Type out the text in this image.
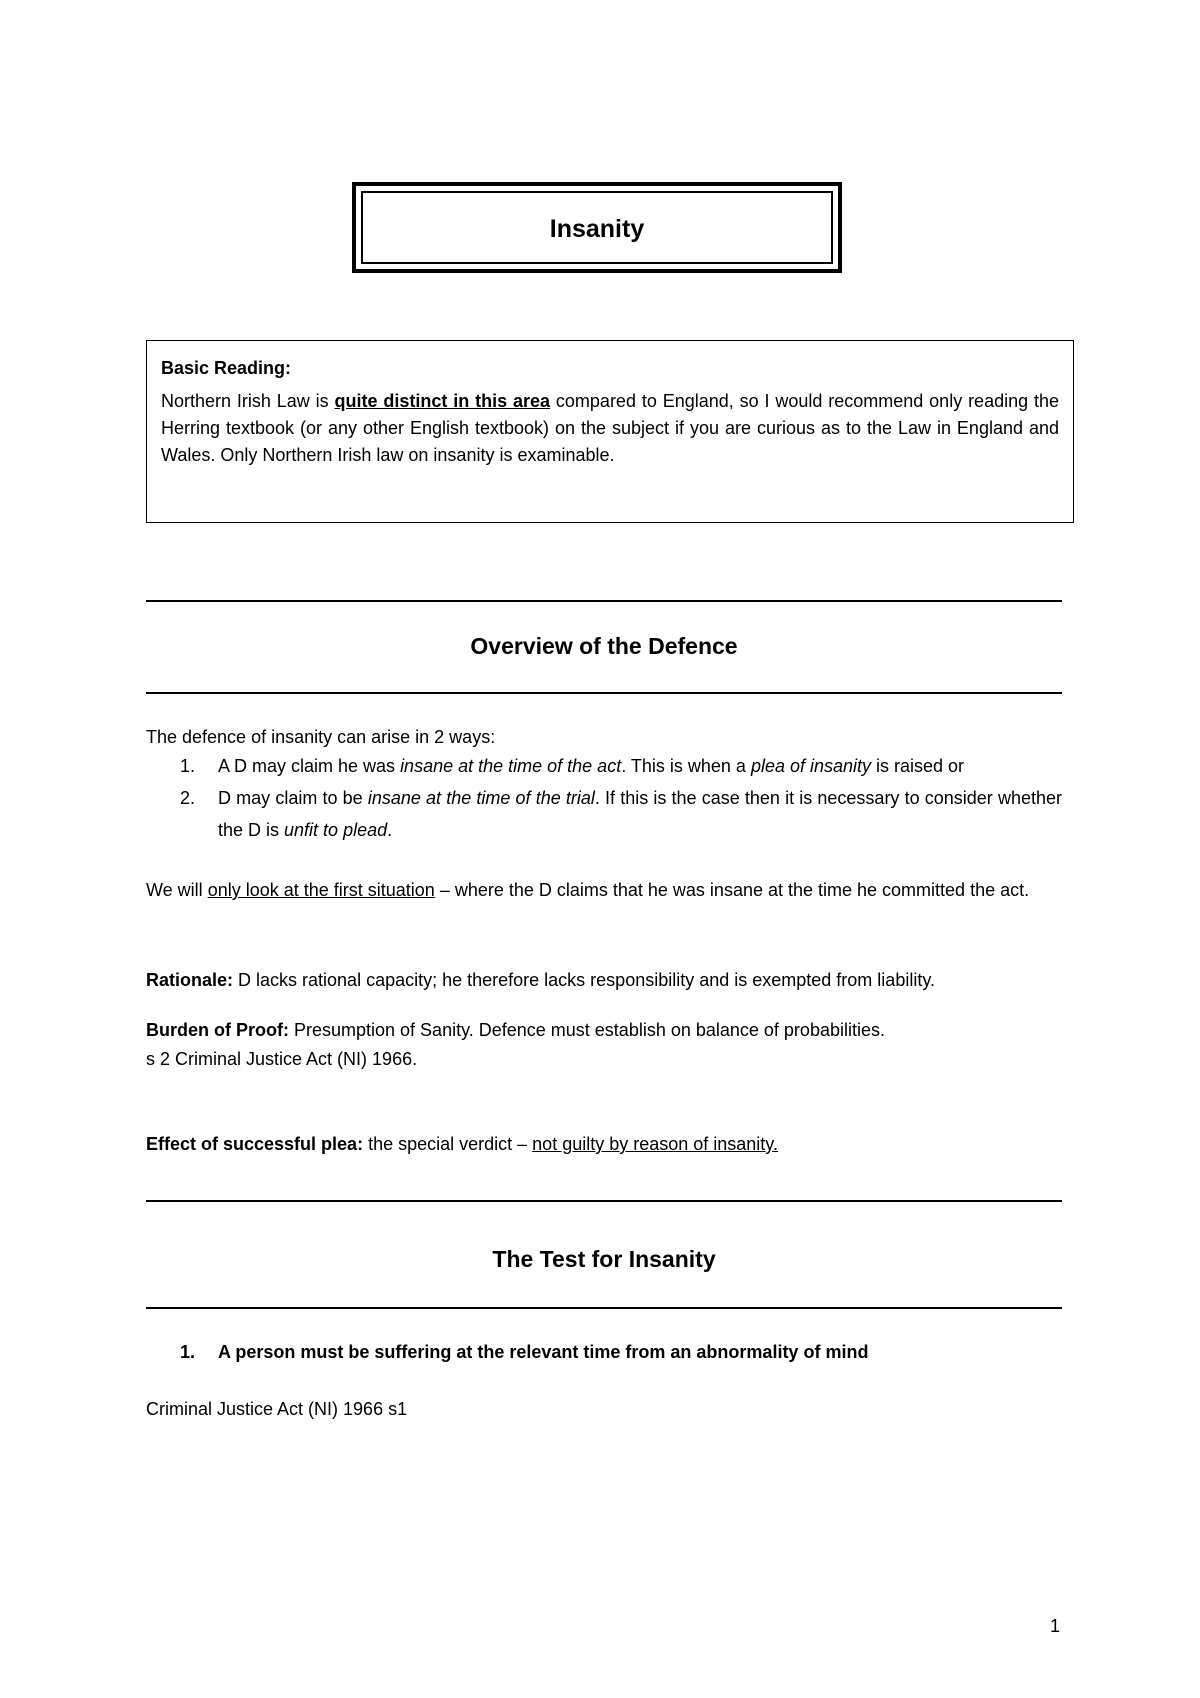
Insanity
Basic Reading:
Northern Irish Law is quite distinct in this area compared to England, so I would recommend only reading the Herring textbook (or any other English textbook) on the subject if you are curious as to the Law in England and Wales. Only Northern Irish law on insanity is examinable.
Overview of the Defence
The defence of insanity can arise in 2 ways:
1.	A D may claim he was insane at the time of the act. This is when a plea of insanity is raised or
2.	D may claim to be insane at the time of the trial. If this is the case then it is necessary to consider whether the D is unfit to plead.
We will only look at the first situation – where the D claims that he was insane at the time he committed the act.
Rationale: D lacks rational capacity; he therefore lacks responsibility and is exempted from liability.
Burden of Proof: Presumption of Sanity. Defence must establish on balance of probabilities.
s 2 Criminal Justice Act (NI) 1966.
Effect of successful plea: the special verdict – not guilty by reason of insanity.
The Test for Insanity
1.	A person must be suffering at the relevant time from an abnormality of mind
Criminal Justice Act (NI) 1966 s1
1
